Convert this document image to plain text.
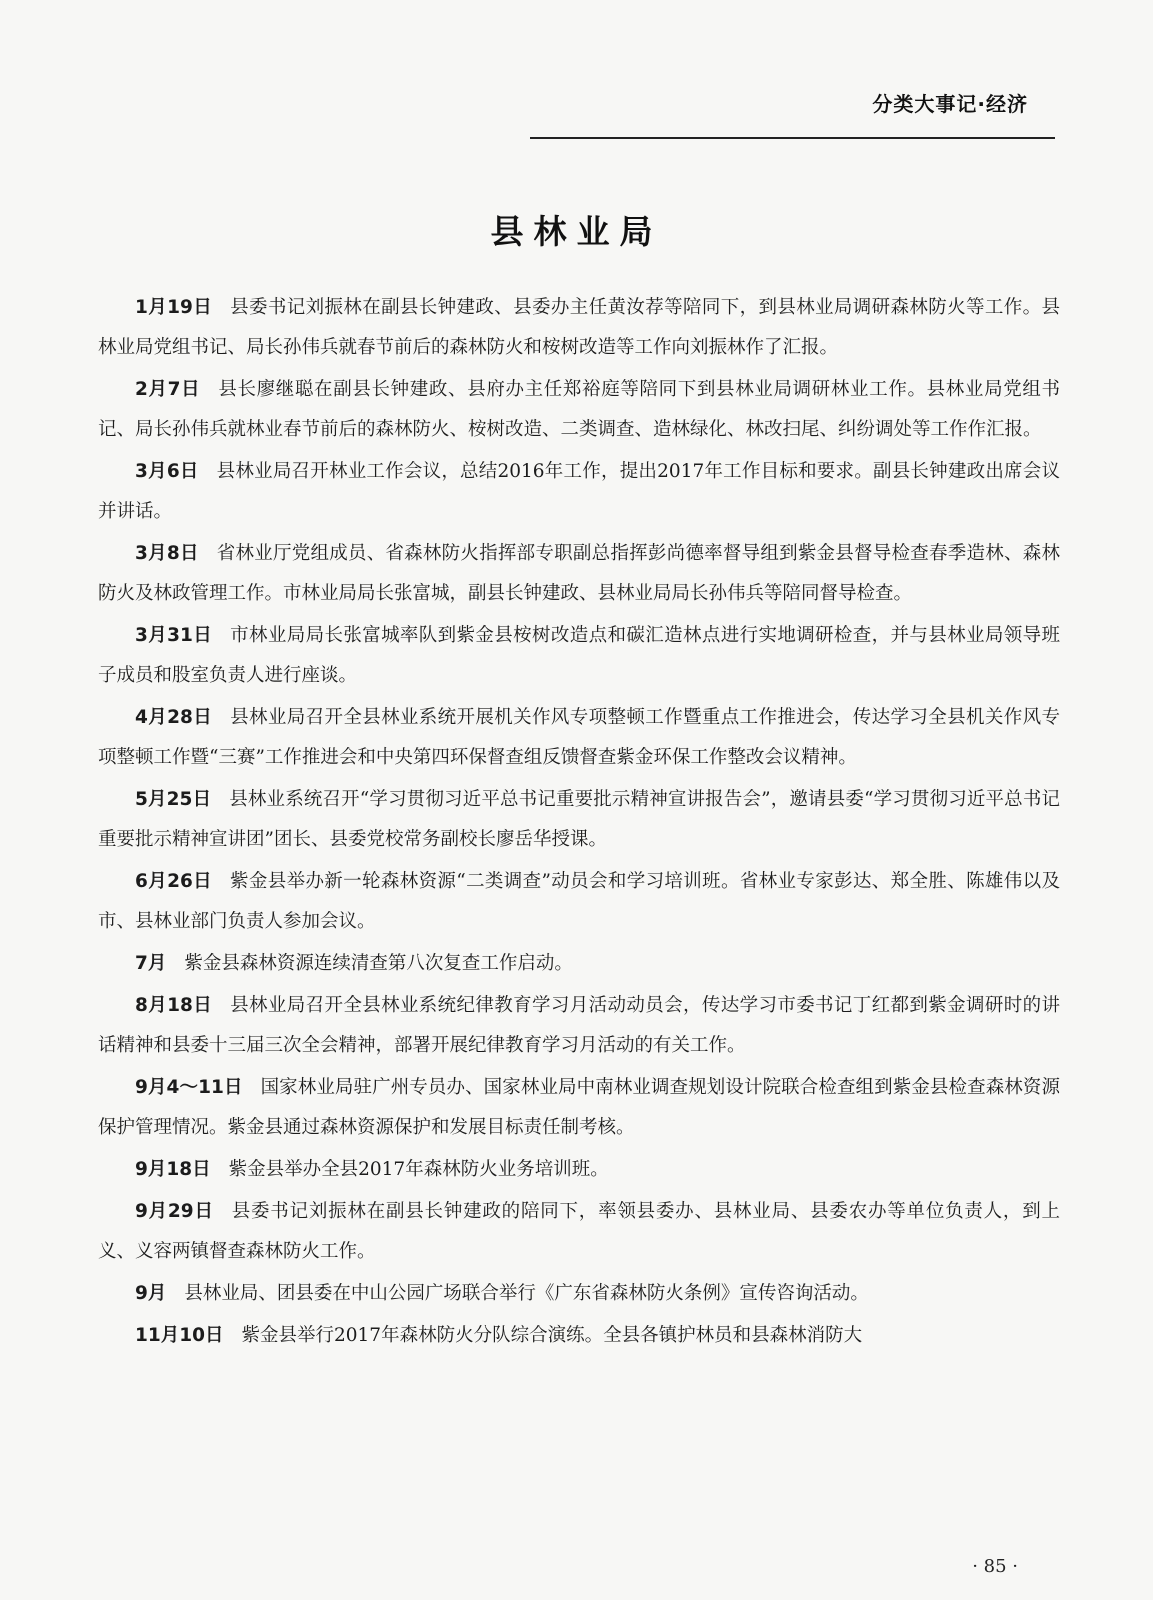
分类大事记·经济
县林业局

1月19日 县委书记刘振林在副县长钟建政、县委办主任黄汝荐等陪同下，到县林业局调研森林防火等工作。县林业局党组书记、局长孙伟兵就春节前后的森林防火和桉树改造等工作向刘振林作了汇报。

2月7日 县长廖继聪在副县长钟建政、县府办主任郑裕庭等陪同下到县林业局调研林业工作。县林业局党组书记、局长孙伟兵就林业春节前后的森林防火、桉树改造、二类调查、造林绿化、林改扫尾、纠纷调处等工作作汇报。

3月6日 县林业局召开林业工作会议，总结2016年工作，提出2017年工作目标和要求。副县长钟建政出席会议并讲话。

3月8日 省林业厅党组成员、省森林防火指挥部专职副总指挥彭尚德率督导组到紫金县督导检查春季造林、森林防火及林政管理工作。市林业局局长张富城，副县长钟建政、县林业局局长孙伟兵等陪同督导检查。

3月31日 市林业局局长张富城率队到紫金县桉树改造点和碳汇造林点进行实地调研检查，并与县林业局领导班子成员和股室负责人进行座谈。

4月28日 县林业局召开全县林业系统开展机关作风专项整顿工作暨重点工作推进会，传达学习全县机关作风专项整顿工作暨“三赛”工作推进会和中央第四环保督查组反馈督查紫金环保工作整改会议精神。

5月25日 县林业系统召开“学习贯彻习近平总书记重要批示精神宣讲报告会”，邀请县委“学习贯彻习近平总书记重要批示精神宣讲团”团长、县委党校常务副校长廖岳华授课。

6月26日 紫金县举办新一轮森林资源“二类调查”动员会和学习培训班。省林业专家彭达、郑全胜、陈雄伟以及市、县林业部门负责人参加会议。

7月 紫金县森林资源连续清查第八次复查工作启动。

8月18日 县林业局召开全县林业系统纪律教育学习月活动动员会，传达学习市委书记丁红都到紫金调研时的讲话精神和县委十三届三次全会精神，部署开展纪律教育学习月活动的有关工作。

9月4～11日 国家林业局驻广州专员办、国家林业局中南林业调查规划设计院联合检查组到紫金县检查森林资源保护管理情况。紫金县通过森林资源保护和发展目标责任制考核。

9月18日 紫金县举办全县2017年森林防火业务培训班。

9月29日 县委书记刘振林在副县长钟建政的陪同下，率领县委办、县林业局、县委农办等单位负责人，到上义、义容两镇督查森林防火工作。

9月 县林业局、团县委在中山公园广场联合举行《广东省森林防火条例》宣传咨询活动。

11月10日 紫金县举行2017年森林防火分队综合演练。全县各镇护林员和县森林消防大

· 85 ·
